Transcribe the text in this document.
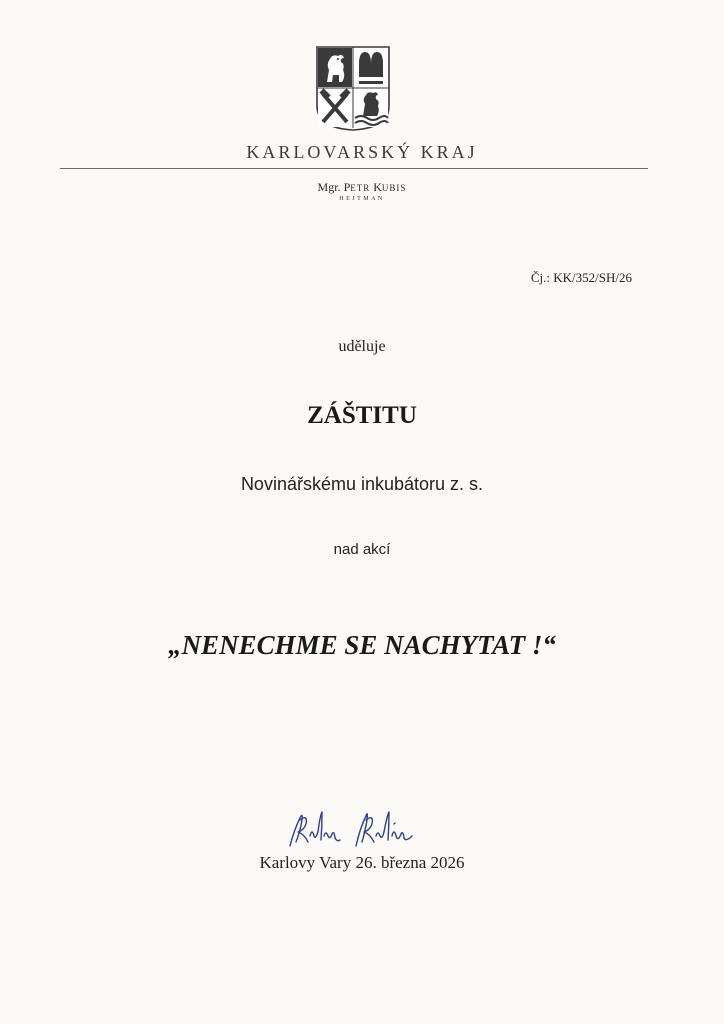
KARLOVARSKÝ KRAJ
Mgr. PETR KUBIS
HEJTMAN
Čj.: KK/352/SH/26
uděluje
ZÁŠTITU
Novinářskému inkubátoru z. s.
nad akcí
„NENECHME SE NACHYTAT !“
Karlovy Vary 26. března 2026
